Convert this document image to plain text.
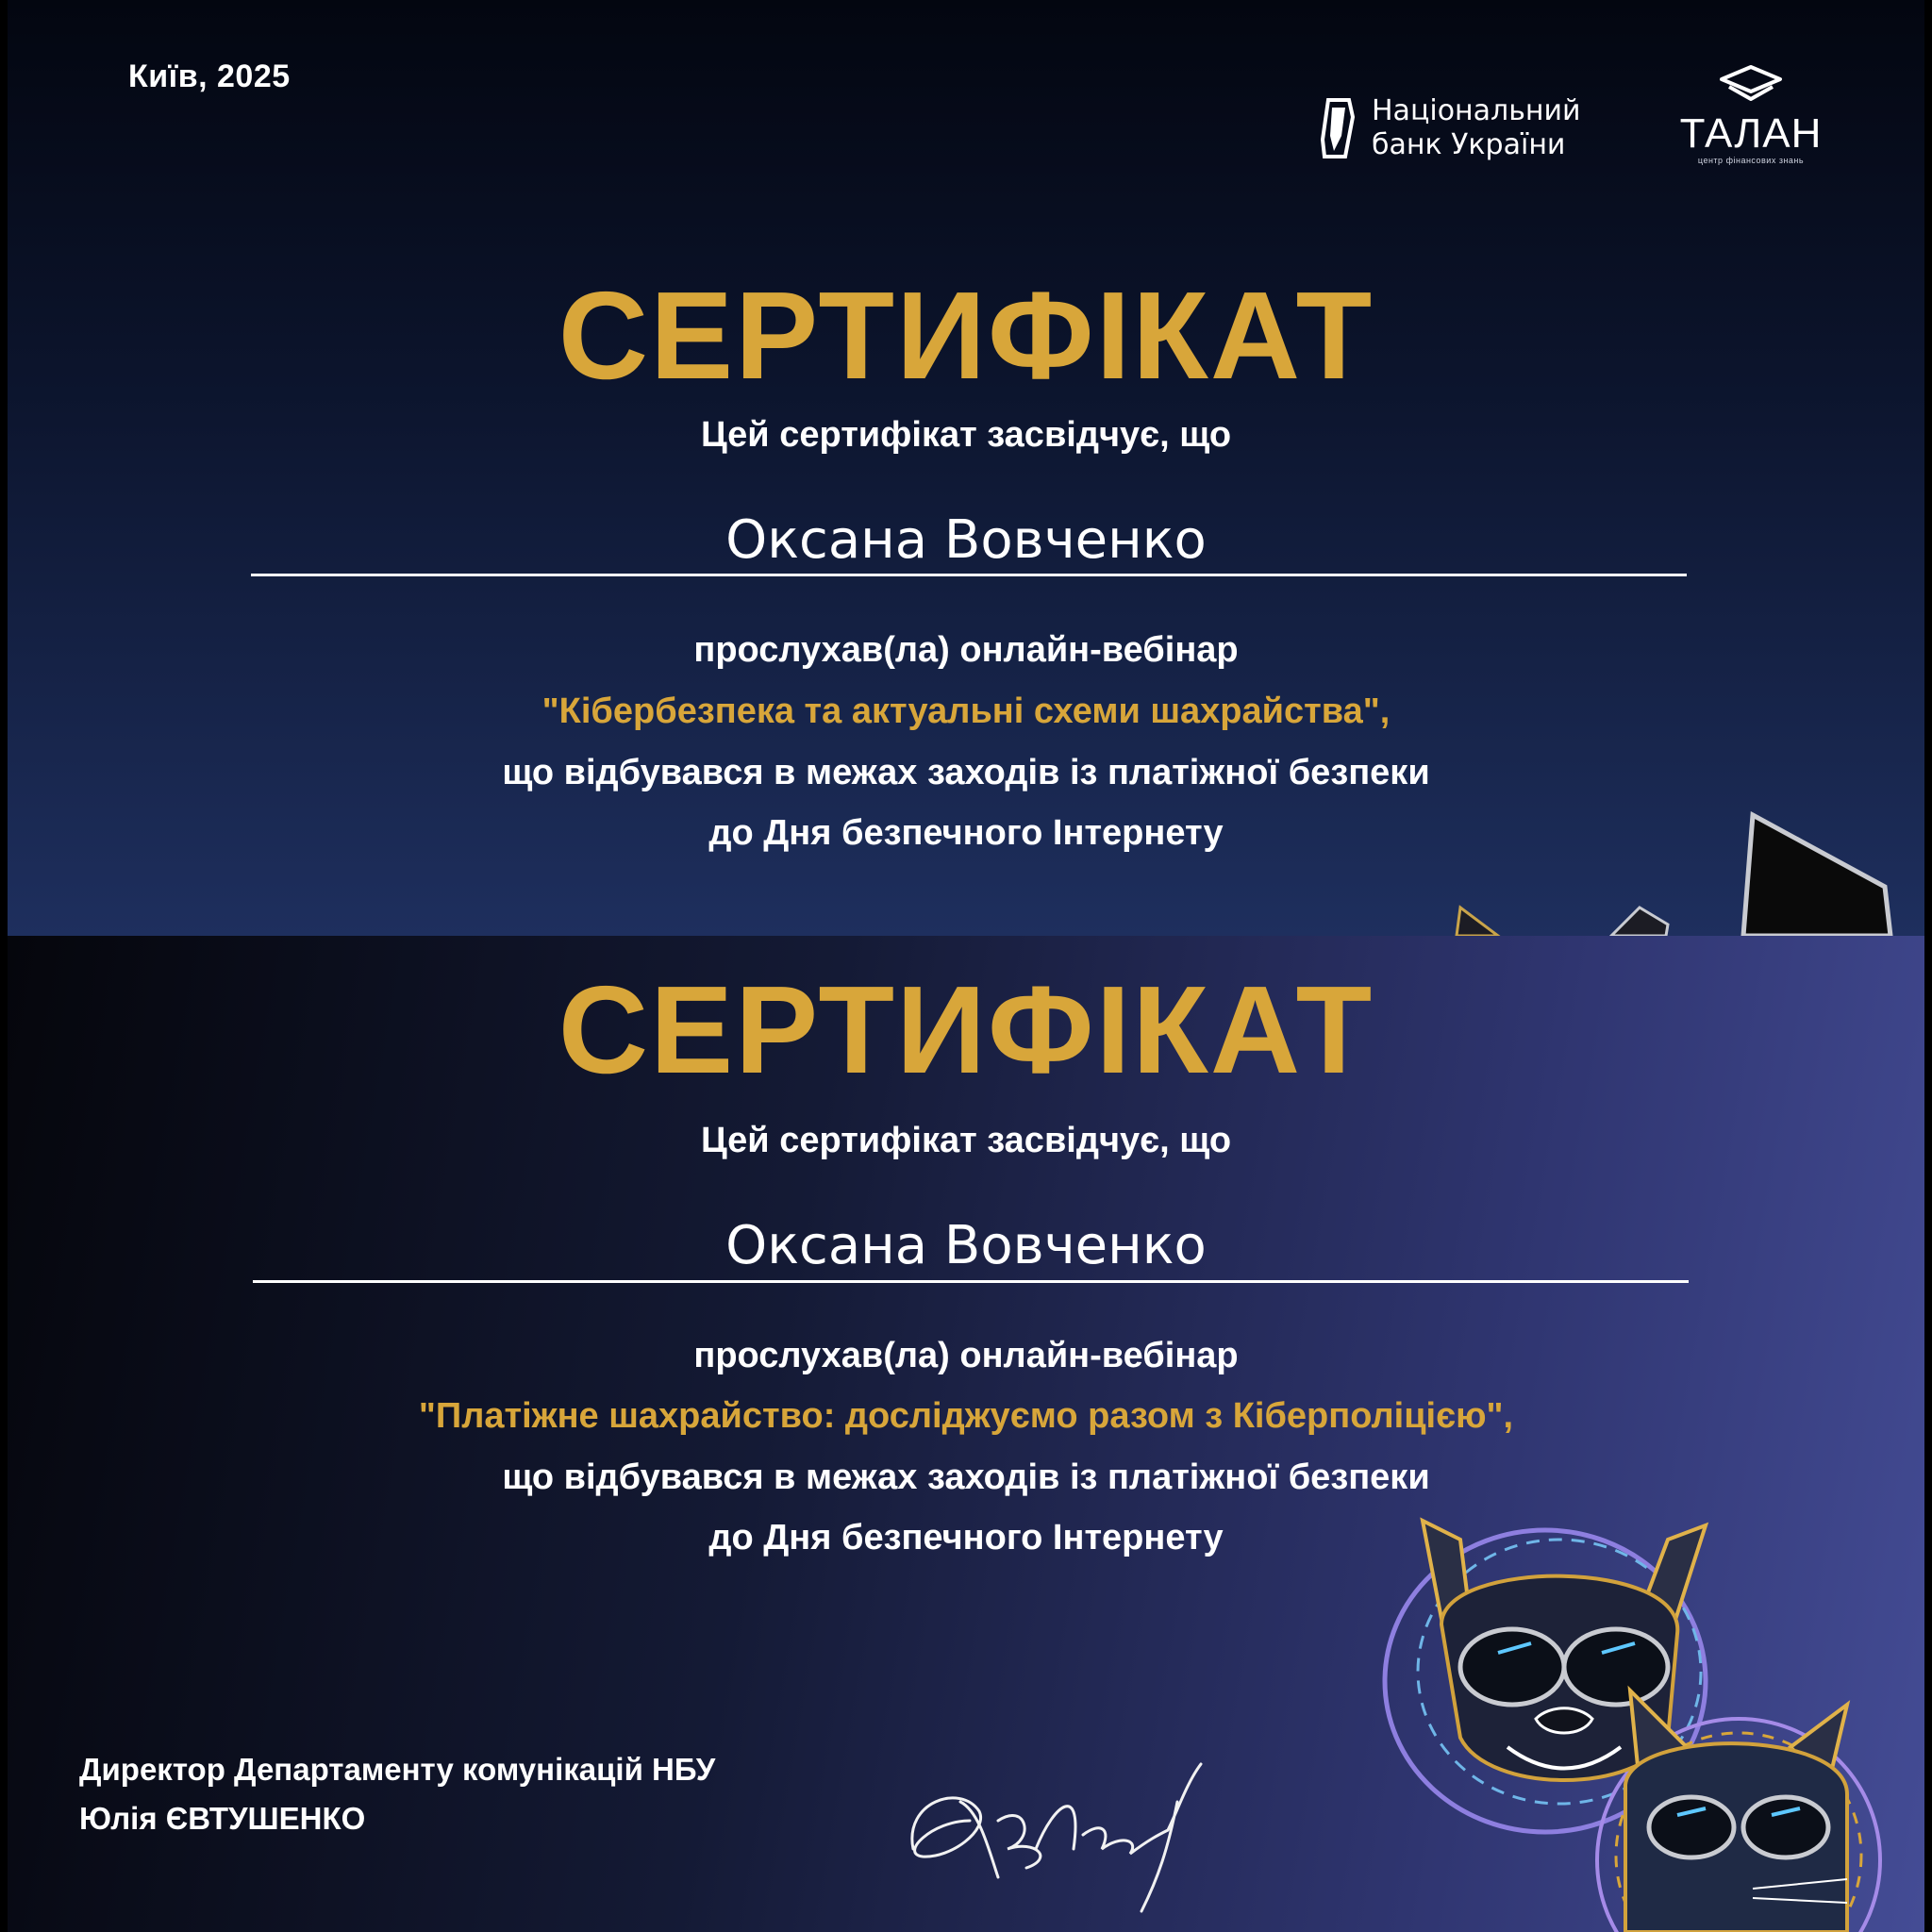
Київ, 2025
Національний
банк України	ТАЛАН
центр фінансових знань
СЕРТИФІКАТ
Цей сертифікат засвідчує, що
Оксана Вовченко
прослухав(ла) онлайн-вебінар
"Кібербезпека та актуальні схеми шахрайства",
що відбувався в межах заходів із платіжної безпеки
до Дня безпечного Інтернету
СЕРТИФІКАТ
Цей сертифікат засвідчує, що
Оксана Вовченко
прослухав(ла) онлайн-вебінар
"Платіжне шахрайство: досліджуємо разом з Кіберполіцією",
що відбувався в межах заходів із платіжної безпеки
до Дня безпечного Інтернету
Директор Департаменту комунікацій НБУ
Юлія ЄВТУШЕНКО
